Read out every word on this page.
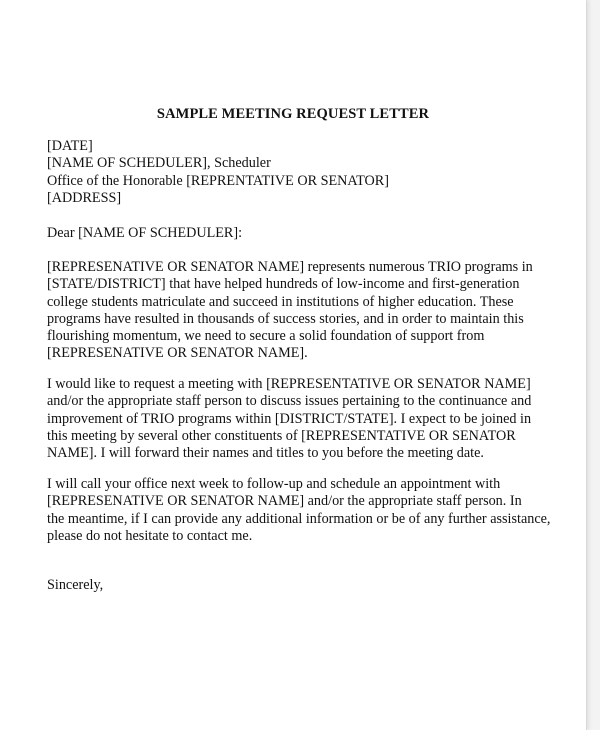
SAMPLE MEETING REQUEST LETTER
[DATE]
[NAME OF SCHEDULER], Scheduler
Office of the Honorable [REPRENTATIVE OR SENATOR]
[ADDRESS]
Dear [NAME OF SCHEDULER]:
[REPRESENATIVE OR SENATOR NAME] represents numerous TRIO programs in
[STATE/DISTRICT] that have helped hundreds of low-income and first-generation
college students matriculate and succeed in institutions of higher education. These
programs have resulted in thousands of success stories, and in order to maintain this
flourishing momentum, we need to secure a solid foundation of support from
[REPRESENATIVE OR SENATOR NAME].
I would like to request a meeting with [REPRESENTATIVE OR SENATOR NAME]
and/or the appropriate staff person to discuss issues pertaining to the continuance and
improvement of TRIO programs within [DISTRICT/STATE]. I expect to be joined in
this meeting by several other constituents of [REPRESENTATIVE OR SENATOR
NAME]. I will forward their names and titles to you before the meeting date.
I will call your office next week to follow-up and schedule an appointment with
[REPRESENATIVE OR SENATOR NAME] and/or the appropriate staff person. In
the meantime, if I can provide any additional information or be of any further assistance,
please do not hesitate to contact me.
Sincerely,
